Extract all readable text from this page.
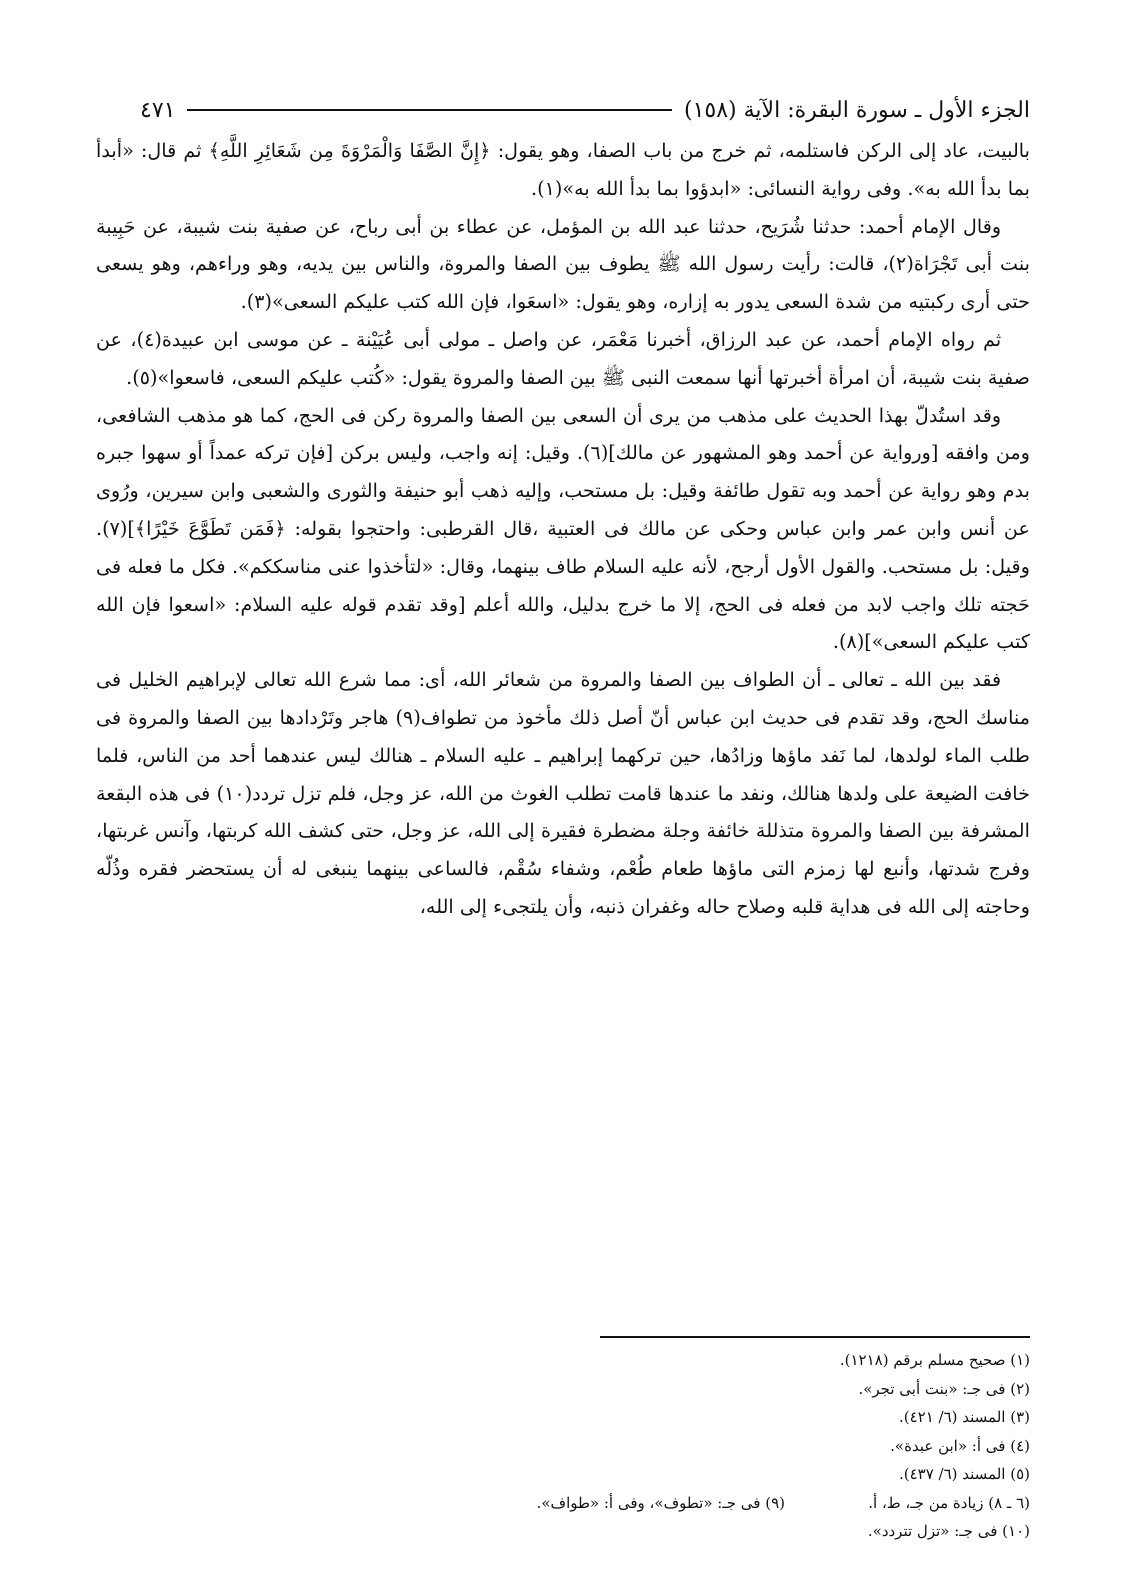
الجزء الأول ـ سورة البقرة: الآية (١٥٨)
٤٧١

بالبيت، عاد إلى الركن فاستلمه، ثم خرج من باب الصفا، وهو يقول: ﴿إِنَّ الصَّفَا وَالْمَرْوَةَ مِن شَعَائِرِ اللَّهِ﴾ ثم قال: «أبدأ بما بدأ الله به». وفى رواية النسائى: «ابدؤوا بما بدأ الله به»(١).

وقال الإمام أحمد: حدثنا شُرَيح، حدثنا عبد الله بن المؤمل، عن عطاء بن أبى رباح، عن صفية بنت شيبة، عن حَبِيبة بنت أبى تَجْرَاة(٢)، قالت: رأيت رسول الله ﷺ يطوف بين الصفا والمروة، والناس بين يديه، وهو وراءهم، وهو يسعى حتى أرى ركبتيه من شدة السعى يدور به إزاره، وهو يقول: «اسعَوا، فإن الله كتب عليكم السعى»(٣).

ثم رواه الإمام أحمد، عن عبد الرزاق، أخبرنا مَعْمَر، عن واصل ـ مولى أبى عُيَيْنة ـ عن موسى ابن عبيدة(٤)، عن صفية بنت شيبة، أن امرأة أخبرتها أنها سمعت النبى ﷺ بين الصفا والمروة يقول: «كُتب عليكم السعى، فاسعوا»(٥).

وقد استُدلّ بهذا الحديث على مذهب من يرى أن السعى بين الصفا والمروة ركن فى الحج، كما هو مذهب الشافعى، ومن وافقه [ورواية عن أحمد وهو المشهور عن مالك](٦). وقيل: إنه واجب، وليس بركن [فإن تركه عمداً أو سهوا جبره بدم وهو رواية عن أحمد وبه تقول طائفة وقيل: بل مستحب، وإليه ذهب أبو حنيفة والثورى والشعبى وابن سيرين، ورُوى عن أنس وابن عمر وابن عباس وحكى عن مالك فى العتبية ،قال القرطبى: واحتجوا بقوله: ﴿فَمَن تَطَوَّعَ خَيْرًا﴾](٧). وقيل: بل مستحب. والقول الأول أرجح، لأنه عليه السلام طاف بينهما، وقال: «لتأخذوا عنى مناسككم». فكل ما فعله فى حَجته تلك واجب لابد من فعله فى الحج، إلا ما خرج بدليل، والله أعلم [وقد تقدم قوله عليه السلام: «اسعوا فإن الله كتب عليكم السعى»](٨).

فقد بين الله ـ تعالى ـ أن الطواف بين الصفا والمروة من شعائر الله، أى: مما شرع الله تعالى لإبراهيم الخليل فى مناسك الحج، وقد تقدم فى حديث ابن عباس أنّ أصل ذلك مأخوذ من تطواف(٩) هاجر وتَرْدادها بين الصفا والمروة فى طلب الماء لولدها، لما نَفد ماؤها وزادُها، حين تركهما إبراهيم ـ عليه السلام ـ هنالك ليس عندهما أحد من الناس، فلما خافت الضيعة على ولدها هنالك، ونفد ما عندها قامت تطلب الغوث من الله، عز وجل، فلم تزل تردد(١٠) فى هذه البقعة المشرفة بين الصفا والمروة متذللة خائفة وجلة مضطرة فقيرة إلى الله، عز وجل، حتى كشف الله كربتها، وآنس غربتها، وفرج شدتها، وأنبع لها زمزم التى ماؤها طعام طُعْم، وشفاء سُقْم، فالساعى بينهما ينبغى له أن يستحضر فقره وذُلّه وحاجته إلى الله فى هداية قلبه وصلاح حاله وغفران ذنبه، وأن يلتجىء إلى الله،

(١) صحيح مسلم برقم (١٢١٨).
(٢) فى جـ: «بنت أبى تجر».
(٣) المسند (٦/ ٤٢١).
(٤) فى أ: «ابن عبدة».
(٥) المسند (٦/ ٤٣٧).
(٦ ـ ٨) زيادة من جـ، ط، أ.
(٩) فى جـ: «تطوف»، وفى أ: «طواف».
(١٠) فى جـ: «تزل تتردد».
